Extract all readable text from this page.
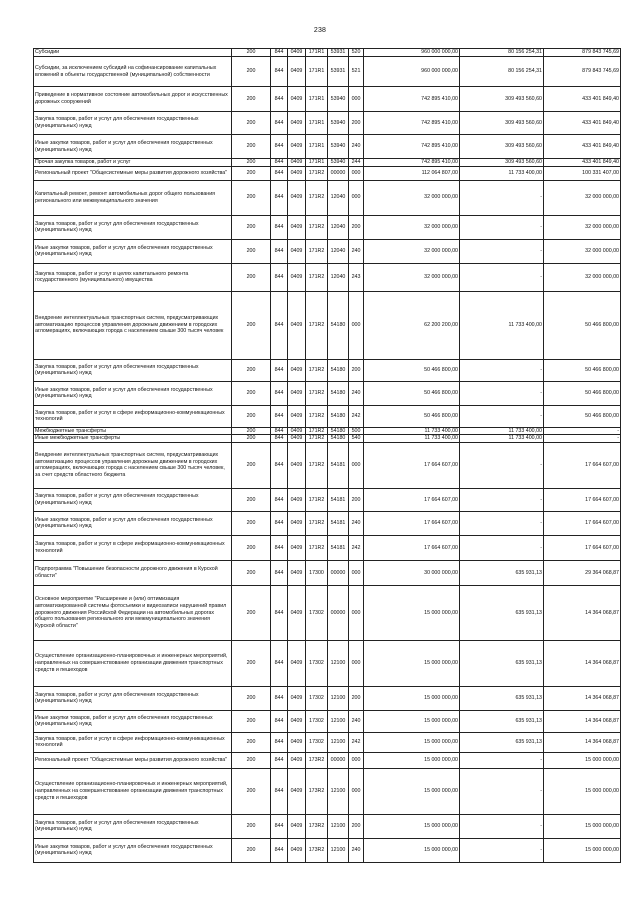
238
Субсидии	200	844	0409	171R1	53931	520	960 000 000,00	80 156 254,31	879 843 745,69
Субсидии, за исключением субсидий на софинансирование капитальных вложений в объекты государственной (муниципальной) собственности	200	844	0409	171R1	53931	521	960 000 000,00	80 156 254,31	879 843 745,69
Приведение в нормативное состояние автомобильных дорог и искусственных дорожных сооружений	200	844	0409	171R1	53940	000	742 895 410,00	309 493 560,60	433 401 849,40
Закупка товаров, работ и услуг для обеспечения государственных (муниципальных) нужд	200	844	0409	171R1	53940	200	742 895 410,00	309 493 560,60	433 401 849,40
Иные закупки товаров, работ и услуг для обеспечения государственных (муниципальных) нужд	200	844	0409	171R1	53940	240	742 895 410,00	309 493 560,60	433 401 849,40
Прочая закупка товаров, работ и услуг	200	844	0409	171R1	53940	244	742 895 410,00	309 493 560,60	433 401 849,40
Региональный проект "Общесистемные меры развития дорожного хозяйства"	200	844	0409	171R2	00000	000	112 064 807,00	11 733 400,00	100 331 407,00
Капитальный ремонт, ремонт автомобильных дорог общего пользования регионального или межмуниципального значения	200	844	0409	171R2	12040	000	32 000 000,00	-	32 000 000,00
Закупка товаров, работ и услуг для обеспечения государственных (муниципальных) нужд	200	844	0409	171R2	12040	200	32 000 000,00	-	32 000 000,00
Иные закупки товаров, работ и услуг для обеспечения государственных (муниципальных) нужд	200	844	0409	171R2	12040	240	32 000 000,00	-	32 000 000,00
Закупка товаров, работ и услуг в целях капитального ремонта государственного (муниципального) имущества	200	844	0409	171R2	12040	243	32 000 000,00	-	32 000 000,00
Внедрение интеллектуальных транспортных систем, предусматривающих автоматизацию процессов управления дорожным движением в городских агломерациях, включающих города с населением свыше 300 тысяч человек	200	844	0409	171R2	54180	000	62 200 200,00	11 733 400,00	50 466 800,00
Закупка товаров, работ и услуг для обеспечения государственных (муниципальных) нужд	200	844	0409	171R2	54180	200	50 466 800,00	-	50 466 800,00
Иные закупки товаров, работ и услуг для обеспечения государственных (муниципальных) нужд	200	844	0409	171R2	54180	240	50 466 800,00	-	50 466 800,00
Закупка товаров, работ и услуг в сфере информационно-коммуникационных технологий	200	844	0409	171R2	54180	242	50 466 800,00	-	50 466 800,00
Межбюджетные трансферты	200	844	0409	171R2	54180	500	11 733 400,00	11 733 400,00	-
Иные межбюджетные трансферты	200	844	0409	171R2	54180	540	11 733 400,00	11 733 400,00	-
Внедрение интеллектуальных транспортных систем, предусматривающих автоматизацию процессов управления дорожным движением в городских агломерациях, включающих города с населением свыше 300 тысяч человек, за счет средств областного бюджета	200	844	0409	171R2	54181	000	17 664 607,00	-	17 664 607,00
Закупка товаров, работ и услуг для обеспечения государственных (муниципальных) нужд	200	844	0409	171R2	54181	200	17 664 607,00	-	17 664 607,00
Иные закупки товаров, работ и услуг для обеспечения государственных (муниципальных) нужд	200	844	0409	171R2	54181	240	17 664 607,00	-	17 664 607,00
Закупка товаров, работ и услуг в сфере информационно-коммуникационных технологий	200	844	0409	171R2	54181	242	17 664 607,00	-	17 664 607,00
Подпрограмма "Повышение безопасности дорожного движения в Курской области"	200	844	0409	17300	00000	000	30 000 000,00	635 931,13	29 364 068,87
Основное мероприятие "Расширение и (или) оптимизация автоматизированной системы фотосъемки и видеозаписи нарушений правил дорожного движения Российской Федерации на автомобильных дорогах общего пользования регионального или межмуниципального значения Курской области"	200	844	0409	17302	00000	000	15 000 000,00	635 931,13	14 364 068,87
Осуществление организационно-планировочных и инженерных мероприятий, направленных на совершенствование организации движения транспортных средств и пешеходов	200	844	0409	17302	12100	000	15 000 000,00	635 931,13	14 364 068,87
Закупка товаров, работ и услуг для обеспечения государственных (муниципальных) нужд	200	844	0409	17302	12100	200	15 000 000,00	635 931,13	14 364 068,87
Иные закупки товаров, работ и услуг для обеспечения государственных (муниципальных) нужд	200	844	0409	17302	12100	240	15 000 000,00	635 931,13	14 364 068,87
Закупка товаров, работ и услуг в сфере информационно-коммуникационных технологий	200	844	0409	17302	12100	242	15 000 000,00	635 931,13	14 364 068,87
Региональный проект "Общесистемные меры развития дорожного хозяйства"	200	844	0409	173R2	00000	000	15 000 000,00	-	15 000 000,00
Осуществление организационно-планировочных и инженерных мероприятий, направленных на совершенствование организации движения транспортных средств и пешеходов	200	844	0409	173R2	12100	000	15 000 000,00	-	15 000 000,00
Закупка товаров, работ и услуг для обеспечения государственных (муниципальных) нужд	200	844	0409	173R2	12100	200	15 000 000,00	-	15 000 000,00
Иные закупки товаров, работ и услуг для обеспечения государственных (муниципальных) нужд	200	844	0409	173R2	12100	240	15 000 000,00	-	15 000 000,00
